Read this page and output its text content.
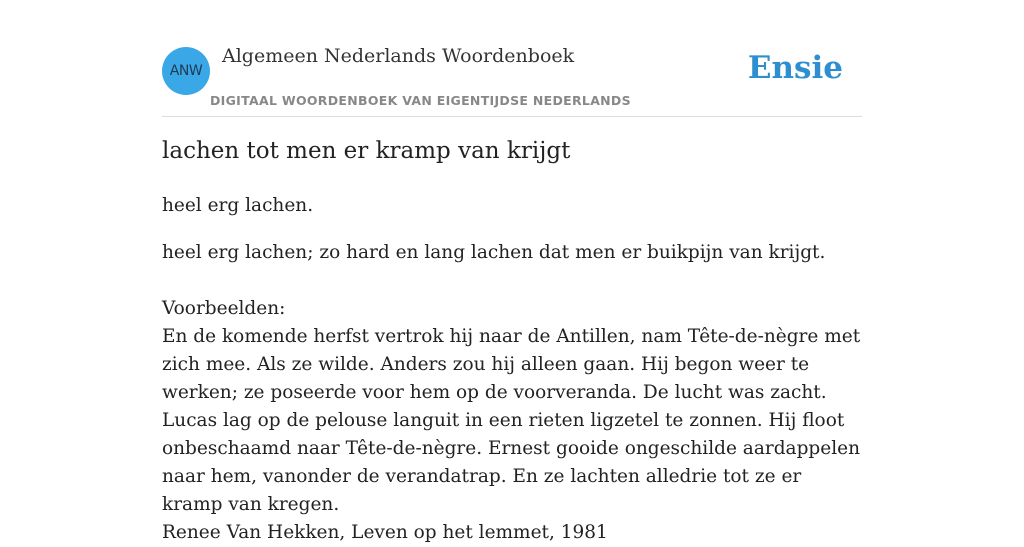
ANW
Algemeen Nederlands Woordenboek
DIGITAAL WOORDENBOEK VAN EIGENTIJDSE NEDERLANDS
Ensie
lachen tot men er kramp van krijgt

heel erg lachen.

heel erg lachen; zo hard en lang lachen dat men er buikpijn van krijgt.

Voorbeelden:

En de komende herfst vertrok hij naar de Antillen, nam Tête-de-nègre met zich mee. Als ze wilde. Anders zou hij alleen gaan. Hij begon weer te werken; ze poseerde voor hem op de voorveranda. De lucht was zacht. Lucas lag op de pelouse languit in een rieten ligzetel te zonnen. Hij floot onbeschaamd naar Tête-de-nègre. Ernest gooide ongeschilde aardappelen naar hem, vanonder de verandatrap. En ze lachten alledrie tot ze er kramp van kregen.

Renee Van Hekken, Leven op het lemmet, 1981
